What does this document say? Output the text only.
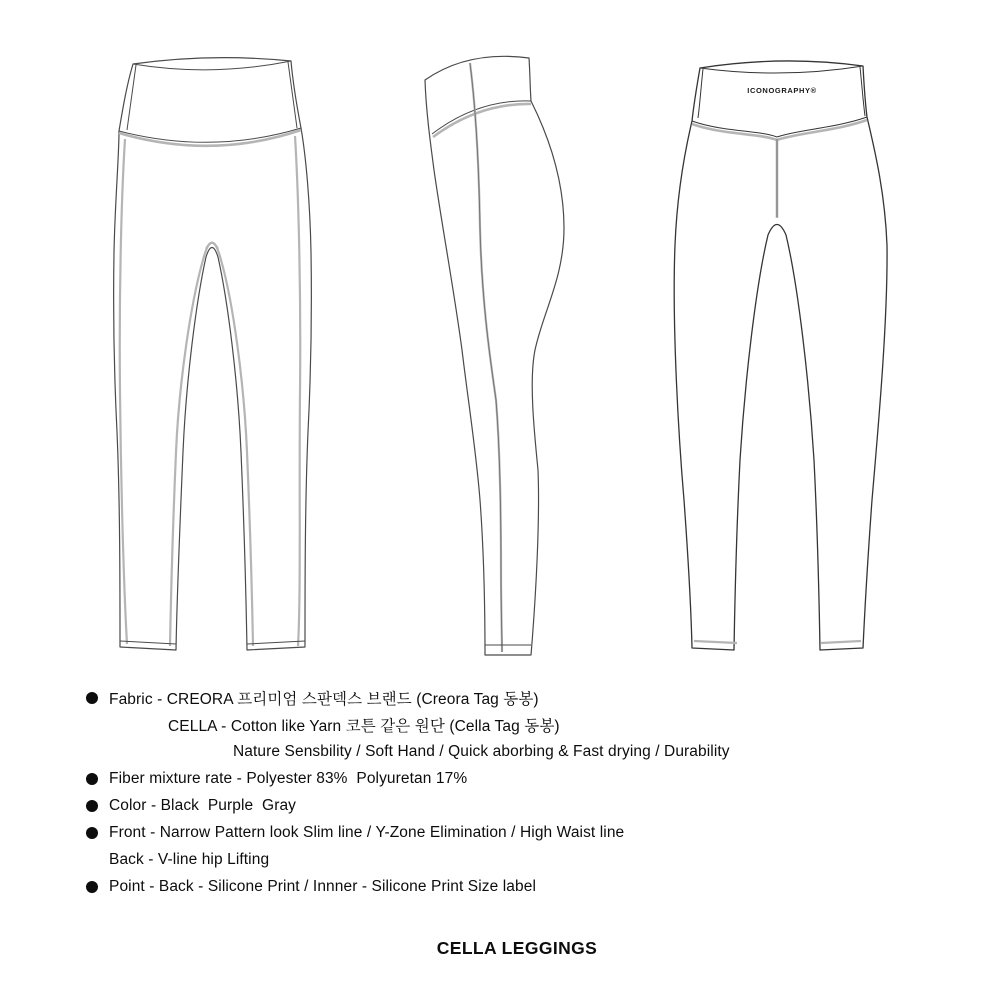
ICONOGRAPHY®
Fabric - CREORA 프리미엄 스판덱스 브랜드 (Creora Tag 동봉)
CELLA - Cotton like Yarn 코튼 같은 원단 (Cella Tag 동봉)
Nature Sensbility / Soft Hand / Quick aborbing & Fast drying / Durability
Fiber mixture rate - Polyester 83%  Polyuretan 17%
Color - Black  Purple  Gray
Front - Narrow Pattern look Slim line / Y-Zone Elimination / High Waist line
Back - V-line hip Lifting
Point - Back - Silicone Print / Innner - Silicone Print Size label
CELLA LEGGINGS
